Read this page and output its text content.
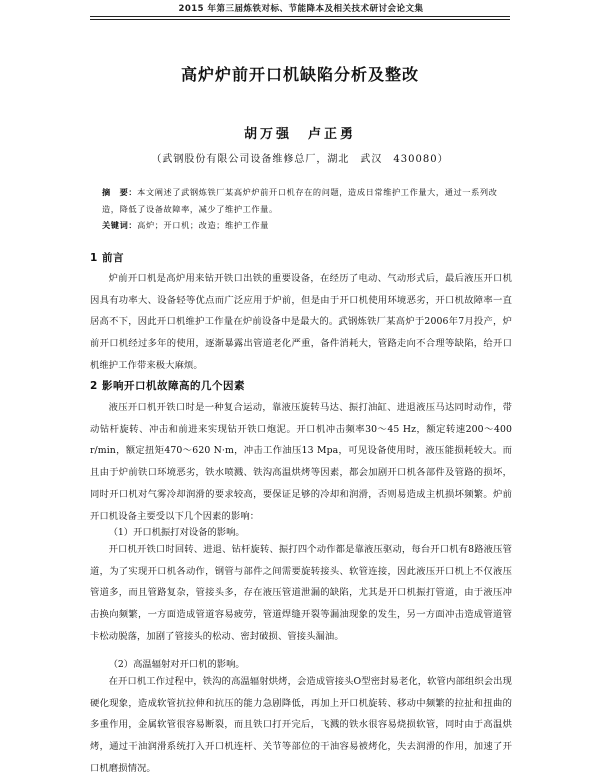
2015 年第三届炼铁对标、节能降本及相关技术研讨会论文集
高炉炉前开口机缺陷分析及整改
胡万强　卢正勇
（武钢股份有限公司设备维修总厂，湖北　武汉　430080）
摘　要：本文阐述了武钢炼铁厂某高炉炉前开口机存在的问题，造成日常维护工作量大，通过一系列改造，降低了设备故障率，减少了维护工作量。
关键词：高炉；开口机；改造；维护工作量
1 前言
炉前开口机是高炉用来钻开铁口出铁的重要设备，在经历了电动、气动形式后，最后液压开口机因具有功率大、设备轻等优点而广泛应用于炉前，但是由于开口机使用环境恶劣，开口机故障率一直居高不下，因此开口机维护工作量在炉前设备中是最大的。武钢炼铁厂某高炉于2006年7月投产，炉前开口机经过多年的使用，逐渐暴露出管道老化严重，备件消耗大，管路走向不合理等缺陷，给开口机维护工作带来极大麻烦。
2 影响开口机故障高的几个因素
液压开口机开铁口时是一种复合运动，靠液压旋转马达、振打油缸、进退液压马达同时动作，带动钻杆旋转、冲击和前进来实现钻开铁口炮泥。开口机冲击频率30～45 Hz，额定转速200～400 r/min，额定扭矩470～620 N·m，冲击工作油压13 Mpa，可见设备使用时，液压能损耗较大。而且由于炉前铁口环境恶劣，铁水喷溅、铁沟高温烘烤等因素，都会加剧开口机各部件及管路的损坏，同时开口机对气雾冷却润滑的要求较高，要保证足够的冷却和润滑，否则易造成主机损坏频繁。炉前开口机设备主要受以下几个因素的影响：
（1）开口机振打对设备的影响。
开口机开铁口时回转、进退、钻杆旋转、振打四个动作都是靠液压驱动，每台开口机有8路液压管道，为了实现开口机各动作，钢管与部件之间需要旋转接头、软管连接，因此液压开口机上不仅液压管道多，而且管路复杂，管接头多，存在液压管道泄漏的缺陷，尤其是开口机振打管道，由于液压冲击换向频繁，一方面造成管道容易疲劳，管道焊缝开裂等漏油现象的发生，另一方面冲击造成管道管卡松动脱落，加剧了管接头的松动、密封破损、管接头漏油。
（2）高温辐射对开口机的影响。
在开口机工作过程中，铁沟的高温辐射烘烤，会造成管接头O型密封易老化，软管内部组织会出现硬化现象，造成软管抗拉伸和抗压的能力急剧降低，再加上开口机旋转、移动中频繁的拉扯和扭曲的多重作用，金属软管很容易断裂，而且铁口打开完后，飞溅的铁水很容易烧损软管，同时由于高温烘烤，通过干油润滑系统打入开口机连杆、关节等部位的干油容易被烤化，失去润滑的作用，加速了开口机磨损情况。
